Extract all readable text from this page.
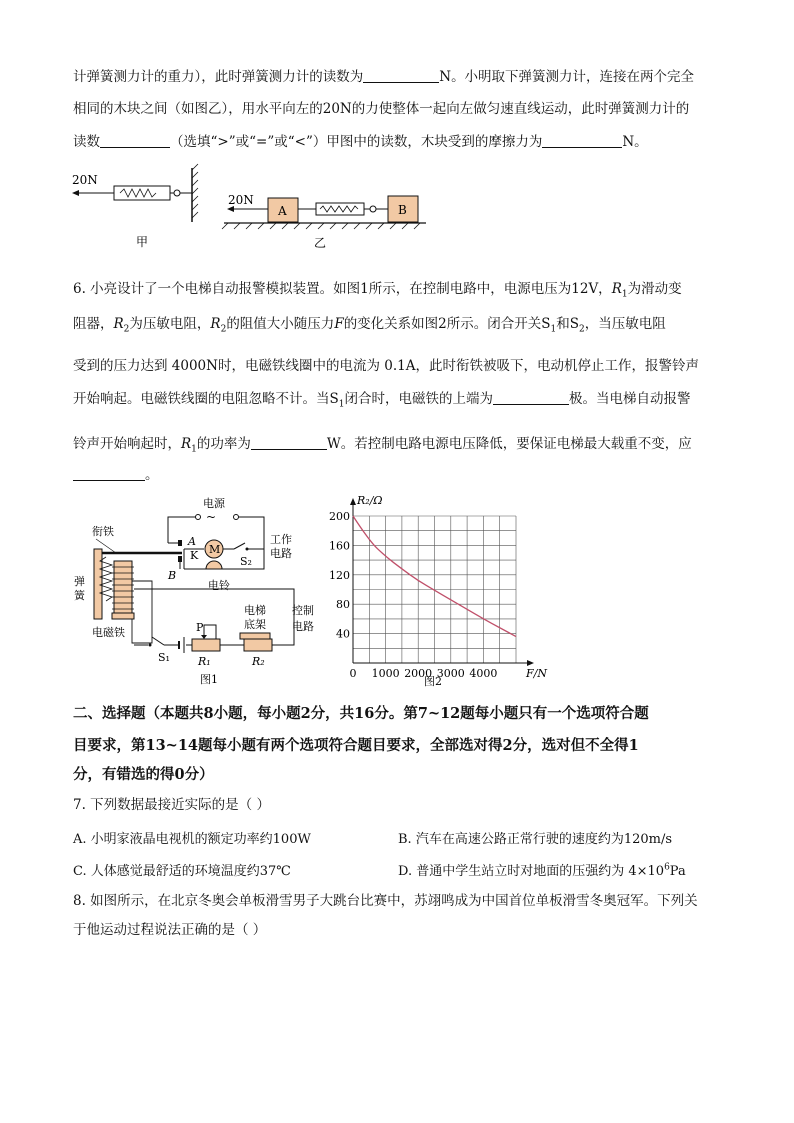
计弹簧测力计的重力），此时弹簧测力计的读数为	N。小明取下弹簧测力计，连接在两个完全
相同的木块之间（如图乙），用水平向左的20N的力使整体一起向左做匀速直线运动，此时弹簧测力计的
读数	（选填“>”或“=”或“<”）甲图中的读数，木块受到的摩擦力为	N。
20N
甲
20N
A	B
乙
6. 小亮设计了一个电梯自动报警模拟装置。如图1所示，在控制电路中，电源电压为12V，$R_1$为滑动变
阻器，$R_2$为压敏电阻，$R_2$的阻值大小随压力F的变化关系如图2所示。闭合开关$S_1$和$S_2$，当压敏电阻
受到的压力达到 4000N时，电磁铁线圈中的电流为 0.1A，此时衔铁被吸下，电动机停止工作，报警铃声
开始响起。电磁铁线圈的电阻忽略不计。当$S_1$闭合时，电磁铁的上端为	极。当电梯自动报警
铃声开始响起时，$R_1$的功率为	W。若控制电路电源电压降低，要保证电梯最大载重不变，应
。
电源
~
工作
电路
M
S₂
电铃
A
K
B
衔铁
弹
簧
电磁铁
控制
电路
电梯
底架
R₂
R₁
P
S₁
图1	0 1000 2000 3000 4000
40
80
120
160
200
R₂/Ω
F/N
图2
二、选择题（本题共8小题，每小题2分，共16分。第7~12题每小题只有一个选项符合题
目要求，第13~14题每小题有两个选项符合题目要求，全部选对得2分，选对但不全得1
分，有错选的得0分）
7. 下列数据最接近实际的是（ ）
A. 小明家液晶电视机的额定功率约100W	B. 汽车在高速公路正常行驶的速度约为120m/s
C. 人体感觉最舒适的环境温度约37℃	D. 普通中学生站立时对地面的压强约为 $4\times 10^6Pa$
8. 如图所示，在北京冬奥会单板滑雪男子大跳台比赛中，苏翊鸣成为中国首位单板滑雪冬奥冠军。下列关
于他运动过程说法正确的是（ ）
